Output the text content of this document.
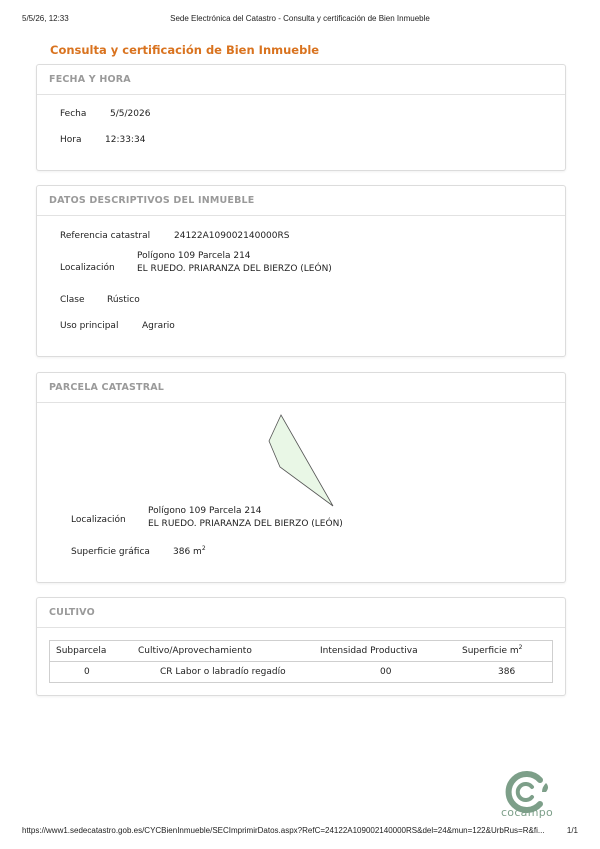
5/5/26, 12:33	Sede Electrónica del Catastro - Consulta y certificación de Bien Inmueble
Consulta y certificación de Bien Inmueble
FECHA Y HORA
Fecha	5/5/2026
Hora	12:33:34
DATOS DESCRIPTIVOS DEL INMUEBLE
Referencia catastral	24122A109002140000RS
Localización
Polígono 109 Parcela 214
EL RUEDO. PRIARANZA DEL BIERZO (LEÓN)
Clase Rústico
Uso principal	Agrario
PARCELA CATASTRAL
Localización
Polígono 109 Parcela 214
EL RUEDO. PRIARANZA DEL BIERZO (LEÓN)
Superficie gráfica	386 $m^2$
CULTIVO
Subparcela	Cultivo/Aprovechamiento	Intensidad Productiva	Superficie $m^2$
0	CR Labor o labradío regadío	00	386
cocampo
https://www1.sedecatastro.gob.es/CYCBienInmueble/SECImprimirDatos.aspx?RefC=24122A109002140000RS&del=24&mun=122&UrbRus=R&fi...	1/1
